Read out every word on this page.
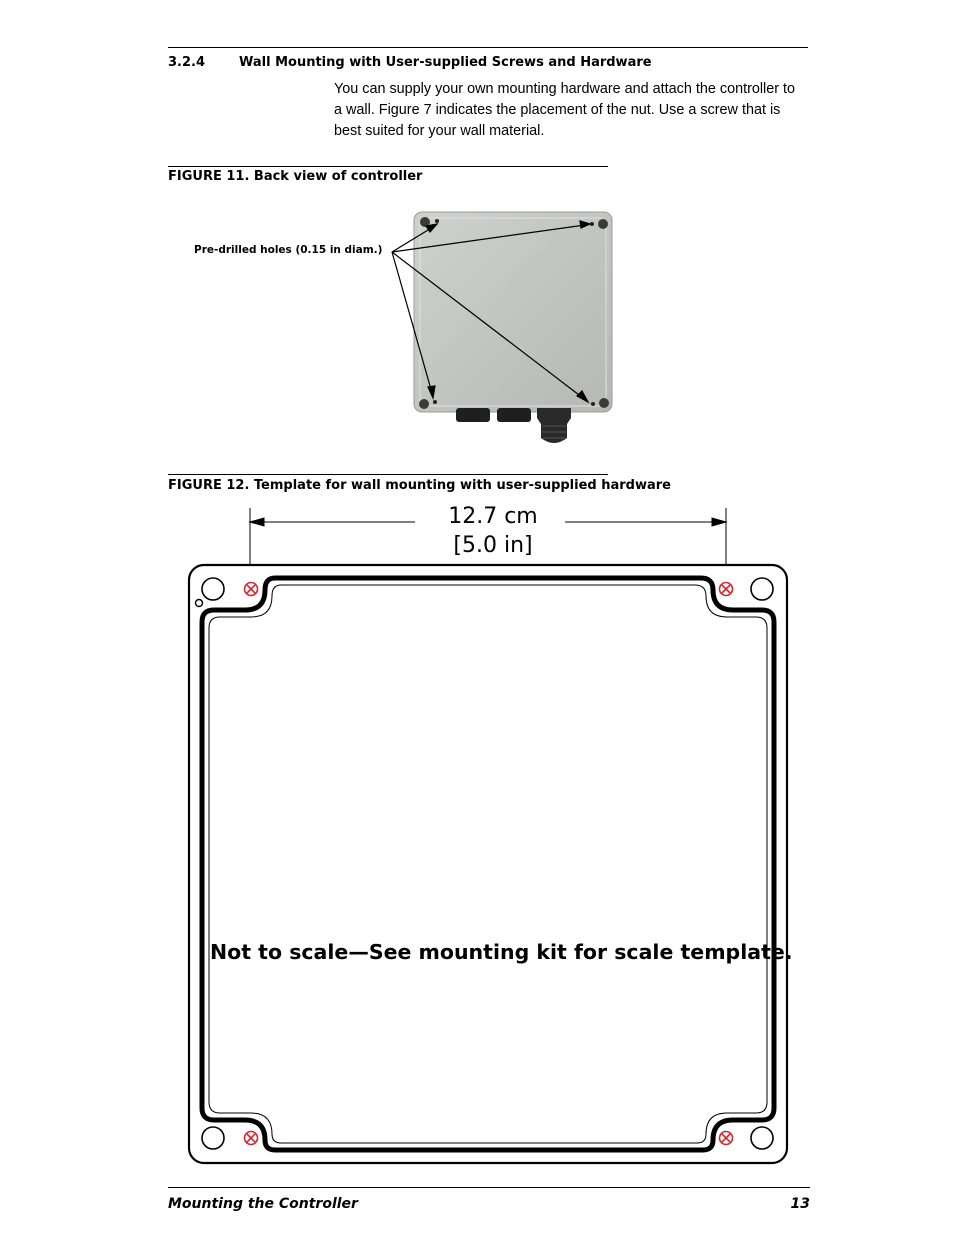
3.2.4	Wall Mounting with User-supplied Screws and Hardware
You can supply your own mounting hardware and attach the controller to a wall. Figure 7 indicates the placement of the nut. Use a screw that is best suited for your wall material.
FIGURE 11. Back view of controller
Pre-drilled holes (0.15 in diam.)
FIGURE 12. Template for wall mounting with user-supplied hardware
12.7 cm
[5.0 in]
Not to scale—See mounting kit for scale template.
Mounting the Controller	13
